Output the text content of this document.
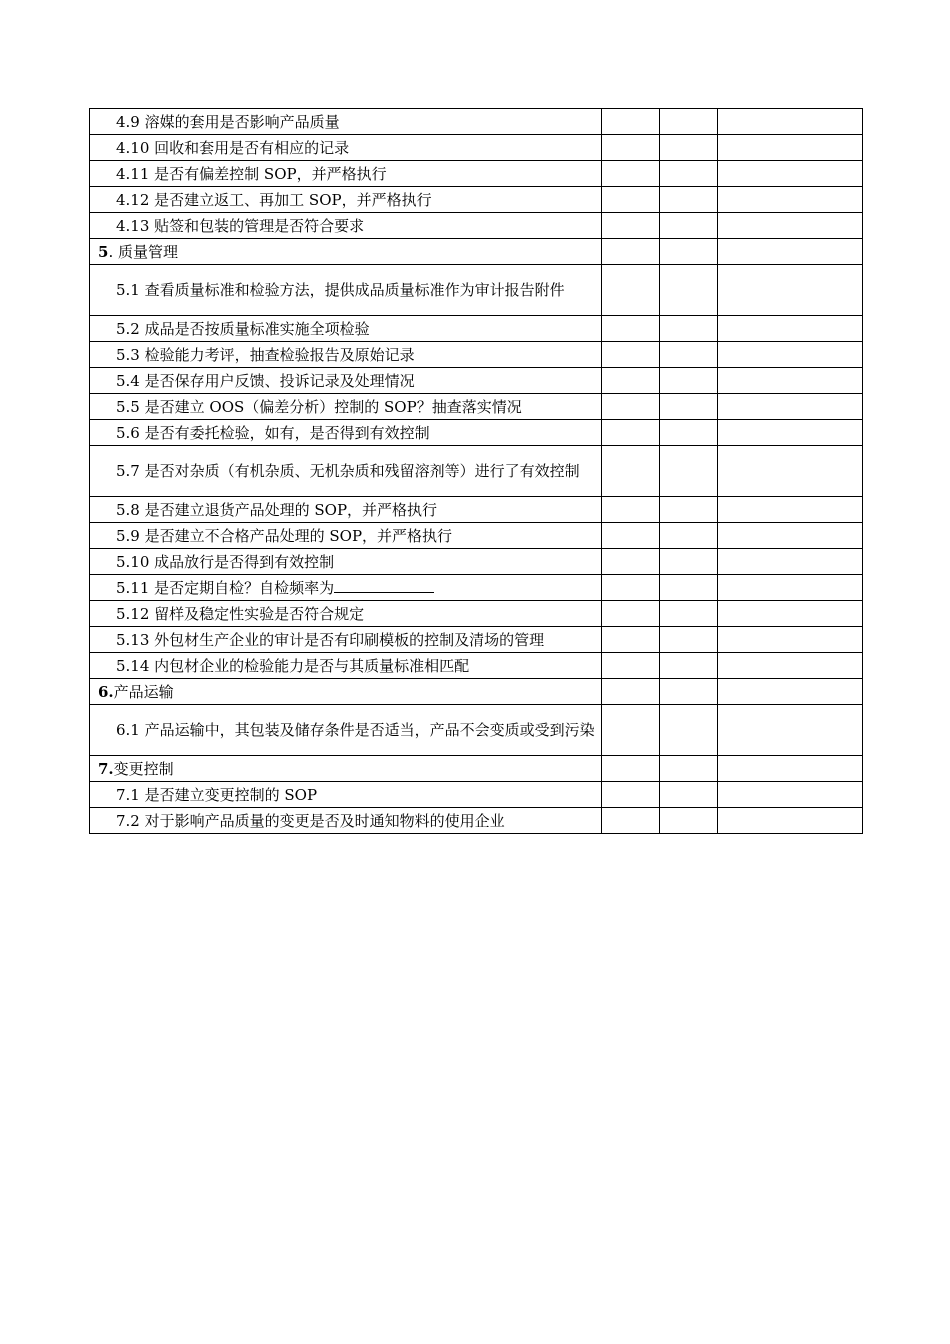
4.9 溶媒的套用是否影响产品质量			

4.10 回收和套用是否有相应的记录			

4.11 是否有偏差控制 SOP，并严格执行			

4.12 是否建立返工、再加工 SOP，并严格执行			

4.13 贴签和包装的管理是否符合要求			

5. 质量管理			

5.1 查看质量标准和检验方法，提供成品质量标准作为审计报告附件			

5.2 成品是否按质量标准实施全项检验			

5.3 检验能力考评，抽查检验报告及原始记录			

5.4 是否保存用户反馈、投诉记录及处理情况			

5.5 是否建立 OOS（偏差分析）控制的 SOP？抽查落实情况			

5.6 是否有委托检验，如有，是否得到有效控制			

5.7 是否对杂质（有机杂质、无机杂质和残留溶剂等）进行了有效控制			

5.8 是否建立退货产品处理的 SOP，并严格执行			

5.9 是否建立不合格产品处理的 SOP，并严格执行			

5.10 成品放行是否得到有效控制			

5.11 是否定期自检？自检频率为			

5.12 留样及稳定性实验是否符合规定			

5.13 外包材生产企业的审计是否有印刷模板的控制及清场的管理			

5.14 内包材企业的检验能力是否与其质量标准相匹配			

6.产品运输			

6.1 产品运输中，其包装及储存条件是否适当，产品不会变质或受到污染			

7.变更控制			

7.1 是否建立变更控制的 SOP			

7.2 对于影响产品质量的变更是否及时通知物料的使用企业			
